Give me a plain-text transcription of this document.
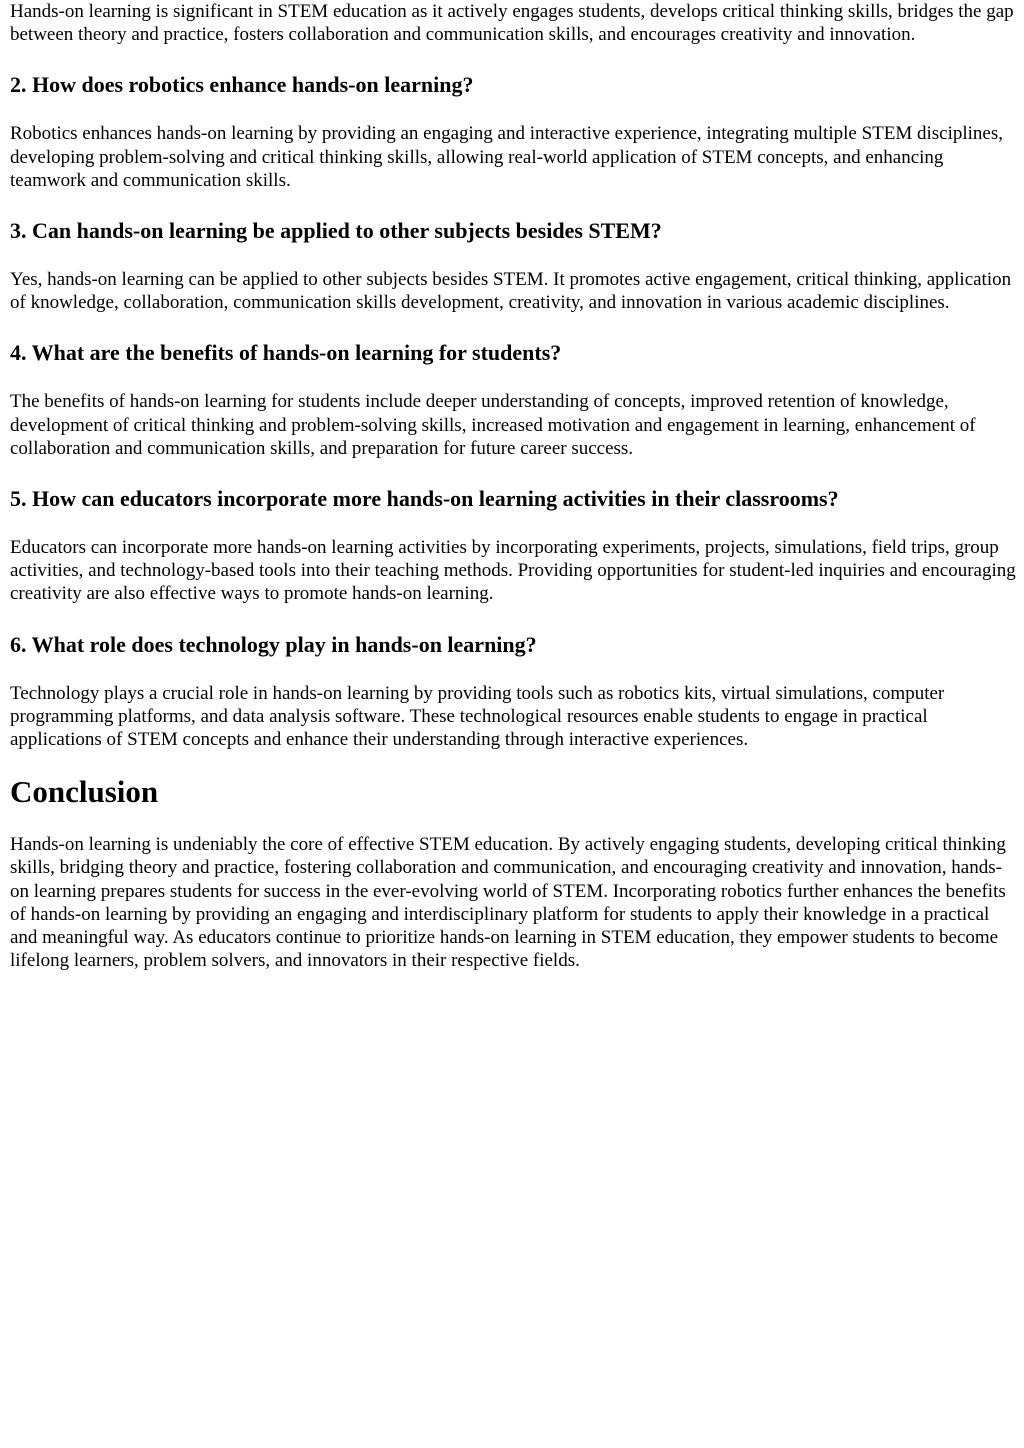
Hands-on learning is significant in STEM education as it actively engages students, develops critical thinking skills, bridges the gap between theory and practice, fosters collaboration and communication skills, and encourages creativity and innovation.

2. How does robotics enhance hands-on learning?

Robotics enhances hands-on learning by providing an engaging and interactive experience, integrating multiple STEM disciplines, developing problem-solving and critical thinking skills, allowing real-world application of STEM concepts, and enhancing teamwork and communication skills.

3. Can hands-on learning be applied to other subjects besides STEM?

Yes, hands-on learning can be applied to other subjects besides STEM. It promotes active engagement, critical thinking, application of knowledge, collaboration, communication skills development, creativity, and innovation in various academic disciplines.

4. What are the benefits of hands-on learning for students?

The benefits of hands-on learning for students include deeper understanding of concepts, improved retention of knowledge, development of critical thinking and problem-solving skills, increased motivation and engagement in learning, enhancement of collaboration and communication skills, and preparation for future career success.

5. How can educators incorporate more hands-on learning activities in their classrooms?

Educators can incorporate more hands-on learning activities by incorporating experiments, projects, simulations, field trips, group activities, and technology-based tools into their teaching methods. Providing opportunities for student-led inquiries and encouraging creativity are also effective ways to promote hands-on learning.

6. What role does technology play in hands-on learning?

Technology plays a crucial role in hands-on learning by providing tools such as robotics kits, virtual simulations, computer programming platforms, and data analysis software. These technological resources enable students to engage in practical applications of STEM concepts and enhance their understanding through interactive experiences.

Conclusion

Hands-on learning is undeniably the core of effective STEM education. By actively engaging students, developing critical thinking skills, bridging theory and practice, fostering collaboration and communication, and encouraging creativity and innovation, hands-on learning prepares students for success in the ever-evolving world of STEM. Incorporating robotics further enhances the benefits of hands-on learning by providing an engaging and interdisciplinary platform for students to apply their knowledge in a practical and meaningful way. As educators continue to prioritize hands-on learning in STEM education, they empower students to become lifelong learners, problem solvers, and innovators in their respective fields.
